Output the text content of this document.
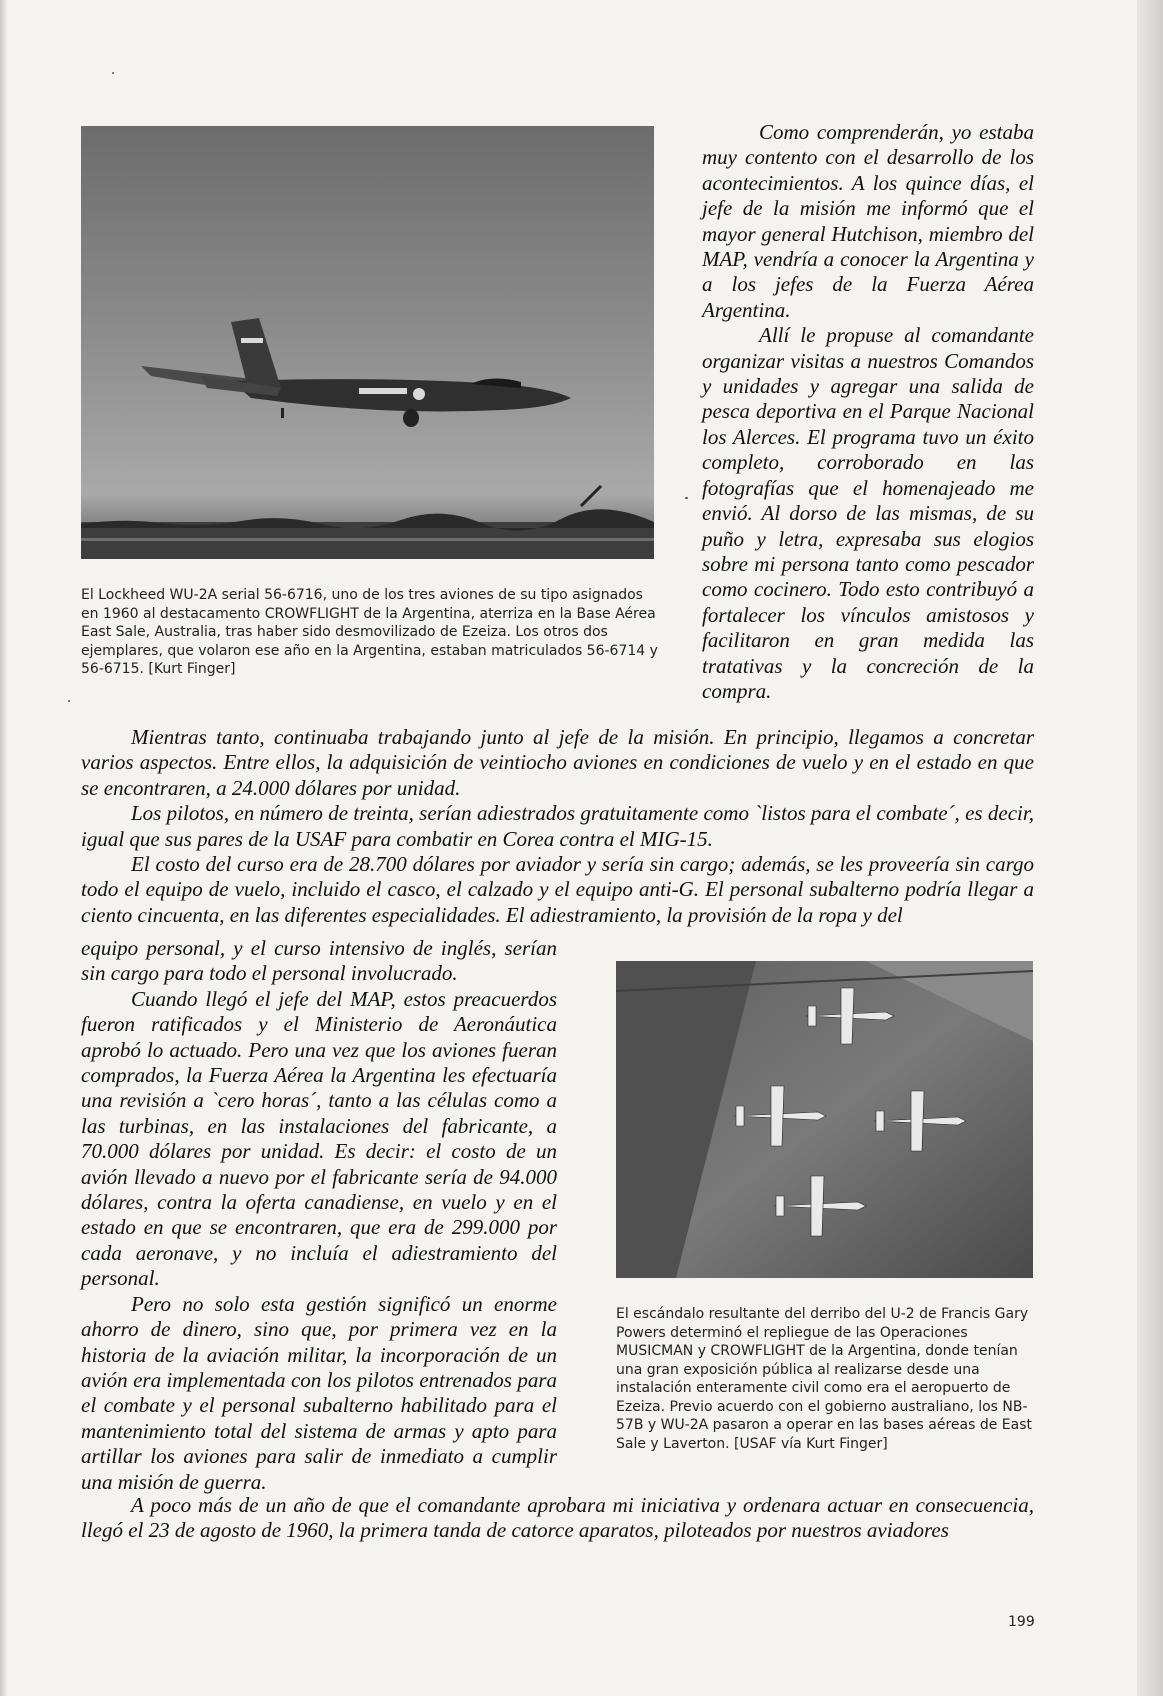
El Lockheed WU-2A serial 56-6716, uno de los tres aviones de su tipo asignados en 1960 al destacamento CROWFLIGHT de la Argentina, aterriza en la Base Aérea East Sale, Australia, tras haber sido desmovilizado de Ezeiza. Los otros dos ejemplares, que volaron ese año en la Argentina, estaban matriculados 56-6714 y 56-6715. [Kurt Finger]

Como comprenderán, yo estaba muy contento con el desarrollo de los acontecimientos. A los quince días, el jefe de la misión me informó que el mayor general Hutchison, miembro del MAP, vendría a conocer la Argentina y a los jefes de la Fuerza Aérea Argentina.

Allí le propuse al comandante organizar visitas a nuestros Comandos y unidades y agregar una salida de pesca deportiva en el Parque Nacional los Alerces. El programa tuvo un éxito completo, corroborado en las fotografías que el homenajeado me envió. Al dorso de las mismas, de su puño y letra, expresaba sus elogios sobre mi persona tanto como pescador como cocinero. Todo esto contribuyó a fortalecer los vínculos amistosos y facilitaron en gran medida las tratativas y la concreción de la compra.

Mientras tanto, continuaba trabajando junto al jefe de la misión. En principio, llegamos a concretar varios aspectos. Entre ellos, la adquisición de veintiocho aviones en condiciones de vuelo y en el estado en que se encontraren, a 24.000 dólares por unidad.

Los pilotos, en número de treinta, serían adiestrados gratuitamente como `listos para el combate´, es decir, igual que sus pares de la USAF para combatir en Corea contra el MIG-15.

El costo del curso era de 28.700 dólares por aviador y sería sin cargo; además, se les proveería sin cargo todo el equipo de vuelo, incluido el casco, el calzado y el equipo anti-G. El personal subalterno podría llegar a ciento cincuenta, en las diferentes especialidades. El adiestramiento, la provisión de la ropa y del

equipo personal, y el curso intensivo de inglés, serían sin cargo para todo el personal involucrado.

Cuando llegó el jefe del MAP, estos preacuerdos fueron ratificados y el Ministerio de Aeronáutica aprobó lo actuado. Pero una vez que los aviones fueran comprados, la Fuerza Aérea la Argentina les efectuaría una revisión a `cero horas´, tanto a las células como a las turbinas, en las instalaciones del fabricante, a 70.000 dólares por unidad. Es decir: el costo de un avión llevado a nuevo por el fabricante sería de 94.000 dólares, contra la oferta canadiense, en vuelo y en el estado en que se encontraren, que era de 299.000 por cada aeronave, y no incluía el adiestramiento del personal.

Pero no solo esta gestión significó un enorme ahorro de dinero, sino que, por primera vez en la historia de la aviación militar, la incorporación de un avión era implementada con los pilotos entrenados para el combate y el personal subalterno habilitado para el mantenimiento total del sistema de armas y apto para artillar los aviones para salir de inmediato a cumplir una misión de guerra.

El escándalo resultante del derribo del U-2 de Francis Gary Powers determinó el repliegue de las Operaciones MUSICMAN y CROWFLIGHT de la Argentina, donde tenían una gran exposición pública al realizarse desde una instalación enteramente civil como era el aeropuerto de Ezeiza. Previo acuerdo con el gobierno australiano, los NB-57B y WU-2A pasaron a operar en las bases aéreas de East Sale y Laverton. [USAF vía Kurt Finger]

A poco más de un año de que el comandante aprobara mi iniciativa y ordenara actuar en consecuencia, llegó el 23 de agosto de 1960, la primera tanda de catorce aparatos, piloteados por nuestros aviadores

199
